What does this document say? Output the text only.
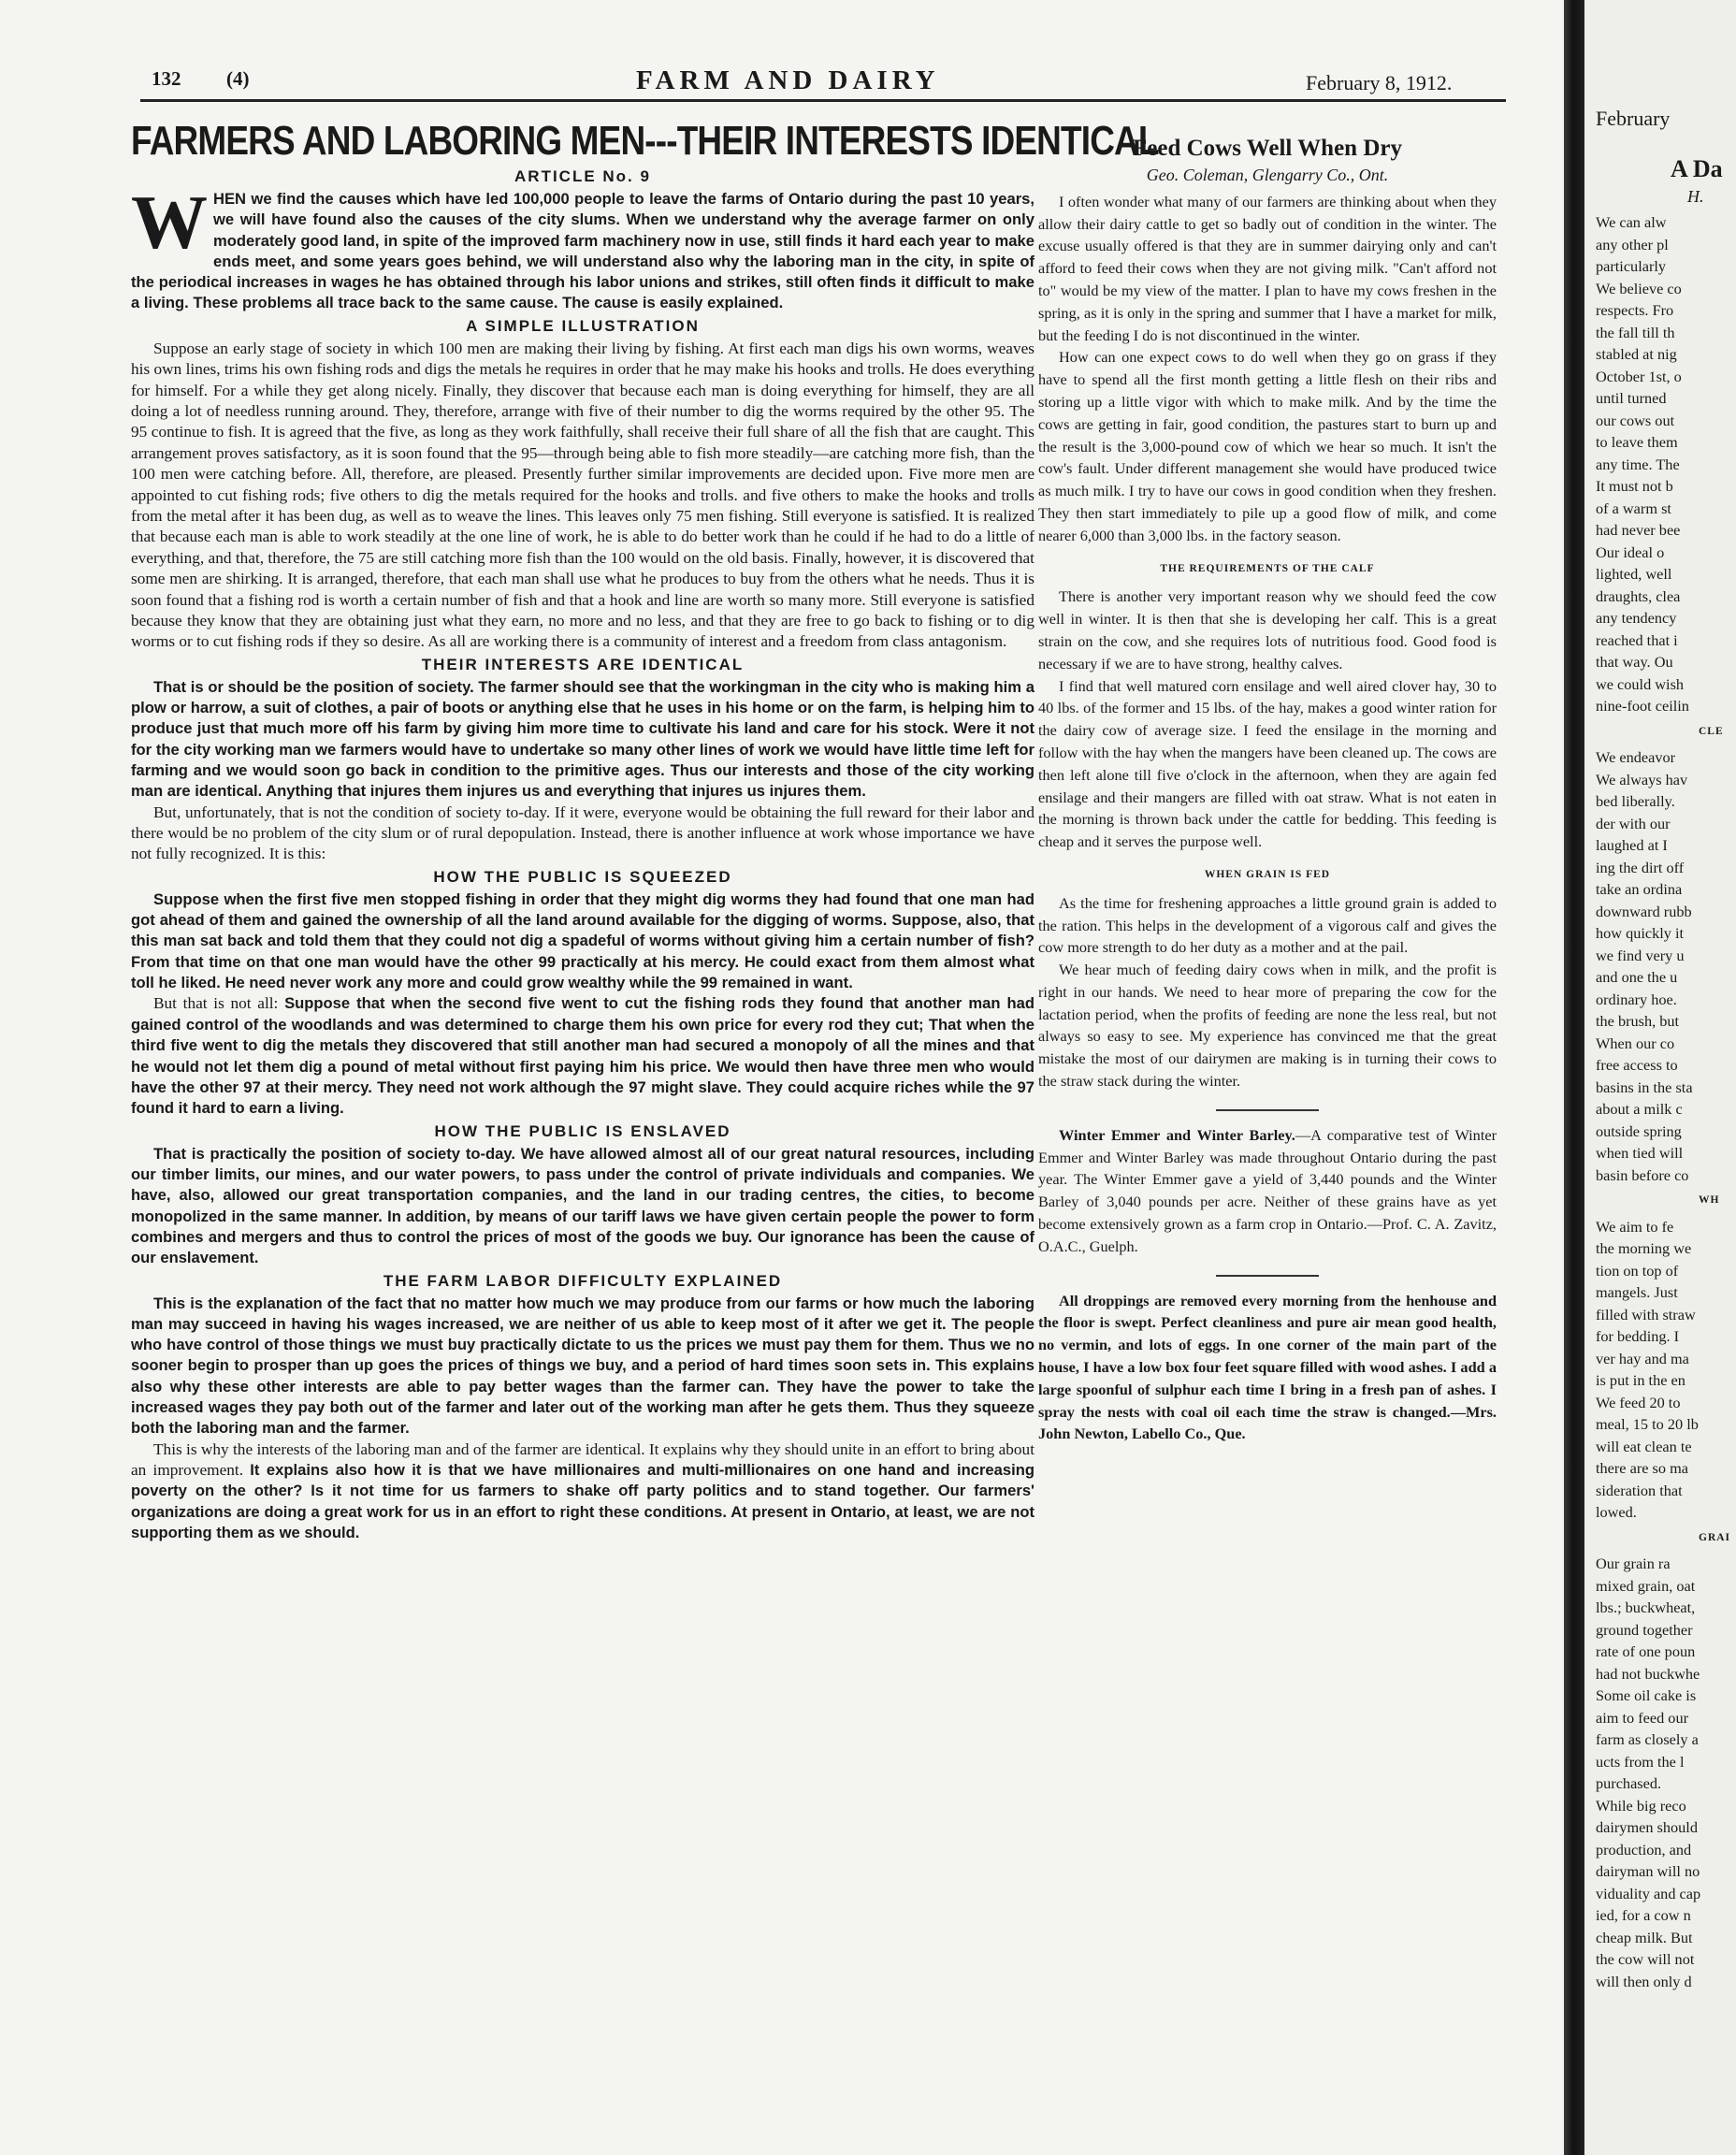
132 (4)	FARM AND DAIRY	February 8, 1912.
FARMERS AND LABORING MEN---THEIR INTERESTS IDENTICAL
ARTICLE No. 9

WHEN we find the causes which have led 100,000 people to leave the farms of Ontario during the past 10 years, we will have found also the causes of the city slums. When we understand why the average farmer on only moderately good land, in spite of the improved farm machinery now in use, still finds it hard each year to make ends meet, and some years goes behind, we will understand also why the laboring man in the city, in spite of the periodical increases in wages he has obtained through his labor unions and strikes, still often finds it difficult to make a living. These problems all trace back to the same cause. The cause is easily explained.

A SIMPLE ILLUSTRATION

Suppose an early stage of society in which 100 men are making their living by fishing. At first each man digs his own worms, weaves his own lines, trims his own fishing rods and digs the metals he requires in order that he may make his hooks and trolls. He does everything for himself. For a while they get along nicely. Finally, they discover that because each man is doing everything for himself, they are all doing a lot of needless running around. They, therefore, arrange with five of their number to dig the worms required by the other 95. The 95 continue to fish. It is agreed that the five, as long as they work faithfully, shall receive their full share of all the fish that are caught. This arrangement proves satisfactory, as it is soon found that the 95—through being able to fish more steadily—are catching more fish, than the 100 men were catching before. All, therefore, are pleased. Presently further similar improvements are decided upon. Five more men are appointed to cut fishing rods; five others to dig the metals required for the hooks and trolls. and five others to make the hooks and trolls from the metal after it has been dug, as well as to weave the lines. This leaves only 75 men fishing. Still everyone is satisfied. It is realized that because each man is able to work steadily at the one line of work, he is able to do better work than he could if he had to do a little of everything, and that, therefore, the 75 are still catching more fish than the 100 would on the old basis. Finally, however, it is discovered that some men are shirking. It is arranged, therefore, that each man shall use what he produces to buy from the others what he needs. Thus it is soon found that a fishing rod is worth a certain number of fish and that a hook and line are worth so many more. Still everyone is satisfied because they know that they are obtaining just what they earn, no more and no less, and that they are free to go back to fishing or to dig worms or to cut fishing rods if they so desire. As all are working there is a community of interest and a freedom from class antagonism.

THEIR INTERESTS ARE IDENTICAL

That is or should be the position of society. The farmer should see that the workingman in the city who is making him a plow or harrow, a suit of clothes, a pair of boots or anything else that he uses in his home or on the farm, is helping him to produce just that much more off his farm by giving him more time to cultivate his land and care for his stock. Were it not for the city working man we farmers would have to undertake so many other lines of work we would have little time left for farming and we would soon go back in condition to the primitive ages. Thus our interests and those of the city working man are identical. Anything that injures them injures us and everything that injures us injures them.

But, unfortunately, that is not the condition of society to-day. If it were, everyone would be obtaining the full reward for their labor and there would be no problem of the city slum or of rural depopulation. Instead, there is another influence at work whose importance we have not fully recognized. It is this:

HOW THE PUBLIC IS SQUEEZED

Suppose when the first five men stopped fishing in order that they might dig worms they had found that one man had got ahead of them and gained the ownership of all the land around available for the digging of worms. Suppose, also, that this man sat back and told them that they could not dig a spadeful of worms without giving him a certain number of fish? From that time on that one man would have the other 99 practically at his mercy. He could exact from them almost what toll he liked. He need never work any more and could grow wealthy while the 99 remained in want.

But that is not all: Suppose that when the second five went to cut the fishing rods they found that another man had gained control of the woodlands and was determined to charge them his own price for every rod they cut; That when the third five went to dig the metals they discovered that still another man had secured a monopoly of all the mines and that he would not let them dig a pound of metal without first paying him his price. We would then have three men who would have the other 97 at their mercy. They need not work although the 97 might slave. They could acquire riches while the 97 found it hard to earn a living.

HOW THE PUBLIC IS ENSLAVED

That is practically the position of society to-day. We have allowed almost all of our great natural resources, including our timber limits, our mines, and our water powers, to pass under the control of private individuals and companies. We have, also, allowed our great transportation companies, and the land in our trading centres, the cities, to become monopolized in the same manner. In addition, by means of our tariff laws we have given certain people the power to form combines and mergers and thus to control the prices of most of the goods we buy. Our ignorance has been the cause of our enslavement.

THE FARM LABOR DIFFICULTY EXPLAINED

This is the explanation of the fact that no matter how much we may produce from our farms or how much the laboring man may succeed in having his wages increased, we are neither of us able to keep most of it after we get it. The people who have control of those things we must buy practically dictate to us the prices we must pay them for them. Thus we no sooner begin to prosper than up goes the prices of things we buy, and a period of hard times soon sets in. This explains also why these other interests are able to pay better wages than the farmer can. They have the power to take the increased wages they pay both out of the farmer and later out of the working man after he gets them. Thus they squeeze both the laboring man and the farmer.

This is why the interests of the laboring man and of the farmer are identical. It explains why they should unite in an effort to bring about an improvement. It explains also how it is that we have millionaires and multi-millionaires on one hand and increasing poverty on the other? Is it not time for us farmers to shake off party politics and to stand together. Our farmers' organizations are doing a great work for us in an effort to right these conditions. At present in Ontario, at least, we are not supporting them as we should.

Feed Cows Well When Dry
Geo. Coleman, Glengarry Co., Ont.

I often wonder what many of our farmers are thinking about when they allow their dairy cattle to get so badly out of condition in the winter. The excuse usually offered is that they are in summer dairying only and can't afford to feed their cows when they are not giving milk. "Can't afford not to" would be my view of the matter. I plan to have my cows freshen in the spring, as it is only in the spring and summer that I have a market for milk, but the feeding I do is not discontinued in the winter.

How can one expect cows to do well when they go on grass if they have to spend all the first month getting a little flesh on their ribs and storing up a little vigor with which to make milk. And by the time the cows are getting in fair, good condition, the pastures start to burn up and the result is the 3,000-pound cow of which we hear so much. It isn't the cow's fault. Under different management she would have produced twice as much milk. I try to have our cows in good condition when they freshen. They then start immediately to pile up a good flow of milk, and come nearer 6,000 than 3,000 lbs. in the factory season.

THE REQUIREMENTS OF THE CALF

There is another very important reason why we should feed the cow well in winter. It is then that she is developing her calf. This is a great strain on the cow, and she requires lots of nutritious food. Good food is necessary if we are to have strong, healthy calves.

I find that well matured corn ensilage and well aired clover hay, 30 to 40 lbs. of the former and 15 lbs. of the hay, makes a good winter ration for the dairy cow of average size. I feed the ensilage in the morning and follow with the hay when the mangers have been cleaned up. The cows are then left alone till five o'clock in the afternoon, when they are again fed ensilage and their mangers are filled with oat straw. What is not eaten in the morning is thrown back under the cattle for bedding. This feeding is cheap and it serves the purpose well.

WHEN GRAIN IS FED

As the time for freshening approaches a little ground grain is added to the ration. This helps in the development of a vigorous calf and gives the cow more strength to do her duty as a mother and at the pail.

We hear much of feeding dairy cows when in milk, and the profit is right in our hands. We need to hear more of preparing the cow for the lactation period, when the profits of feeding are none the less real, but not always so easy to see. My experience has convinced me that the great mistake the most of our dairymen are making is in turning their cows to the straw stack during the winter.

Winter Emmer and Winter Barley.—A comparative test of Winter Emmer and Winter Barley was made throughout Ontario during the past year. The Winter Emmer gave a yield of 3,440 pounds and the Winter Barley of 3,040 pounds per acre. Neither of these grains have as yet become extensively grown as a farm crop in Ontario.—Prof. C. A. Zavitz, O.A.C., Guelph.

All droppings are removed every morning from the henhouse and the floor is swept. Perfect cleanliness and pure air mean good health, no vermin, and lots of eggs. In one corner of the main part of the house, I have a low box four feet square filled with wood ashes. I add a large spoonful of sulphur each time I bring in a fresh pan of ashes. I spray the nests with coal oil each time the straw is changed.—Mrs. John Newton, Labello Co., Que.

February
A Da
H.

We can alw

any other pl

particularly

We believe co

respects. Fro

the fall till th

stabled at nig

October 1st, o

until turned

our cows out

to leave them

any time. The

It must not b

of a warm st

had never bee

Our ideal o

lighted, well

draughts, clea

any tendency

reached that i

that way. Ou

we could wish

nine-foot ceilin

CLE

We endeavor

We always hav

bed liberally.

der with our

laughed at I

ing the dirt off

take an ordina

downward rubb

how quickly it

we find very u

and one the u

ordinary hoe.

the brush, but

When our co

free access to

basins in the sta

about a milk c

outside spring

when tied will

basin before co

WH

We aim to fe

the morning we

tion on top of

mangels. Just

filled with straw

for bedding. I

ver hay and ma

is put in the en

We feed 20 to

meal, 15 to 20 lb

will eat clean te

there are so ma

sideration that

lowed.

GRAI

Our grain ra

mixed grain, oat

lbs.; buckwheat,

ground together

rate of one poun

had not buckwhe

Some oil cake is

aim to feed our

farm as closely a

ucts from the l

purchased.

While big reco

dairymen should

production, and

dairyman will no

viduality and cap

ied, for a cow n

cheap milk. But

the cow will not

will then only d
